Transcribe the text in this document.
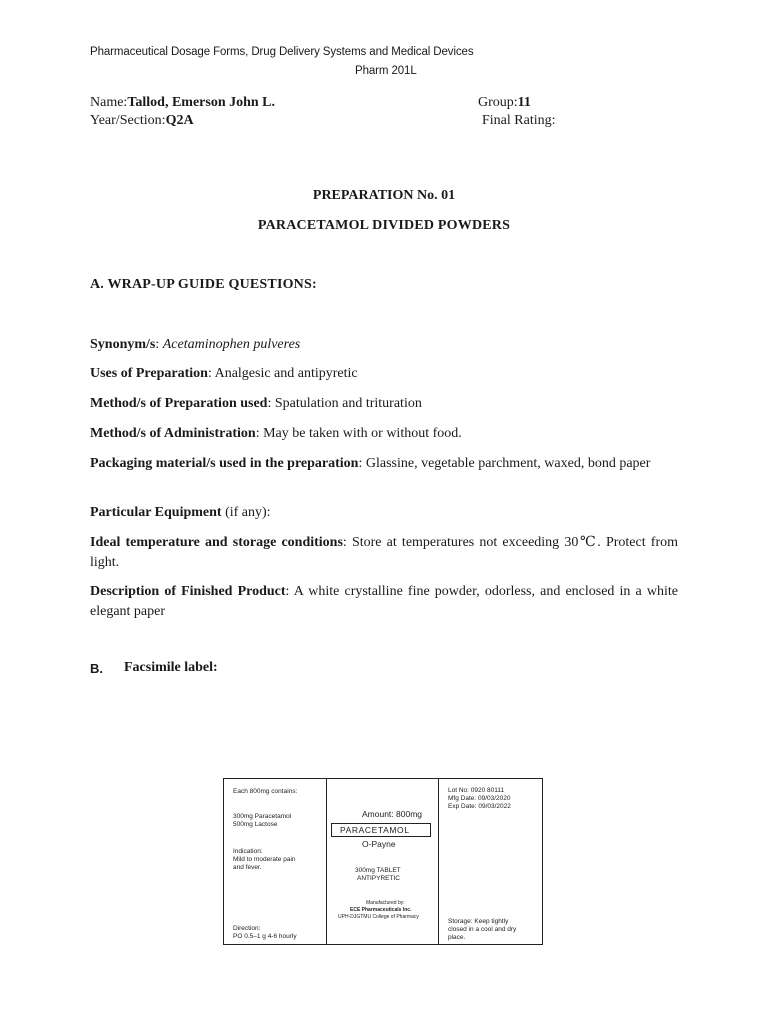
Pharmaceutical Dosage Forms, Drug Delivery Systems and Medical Devices
Pharm 201L
Name:Tallod, Emerson John L.	Group:11
Year/Section:Q2A	Final Rating:
PREPARATION No. 01
PARACETAMOL DIVIDED POWDERS
A. WRAP-UP GUIDE QUESTIONS:
Synonym/s: Acetaminophen pulveres
Uses of Preparation: Analgesic and antipyretic
Method/s of Preparation used: Spatulation and trituration
Method/s of Administration: May be taken with or without food.
Packaging material/s used in the preparation: Glassine, vegetable parchment, waxed, bond paper
Particular Equipment (if any):
Ideal temperature and storage conditions: Store at temperatures not exceeding 30℃. Protect from light.
Description of Finished Product: A white crystalline fine powder, odorless, and enclosed in a white elegant paper
B. Facsimile label:
Each 800mg contains:
300mg Paracetamol
500mg Lactose
Indication:
Mild to moderate pain
and fever.
Direction:
PO 0.5–1 g 4-6 hourly
Amount: 800mg
PARACETAMOL
O-Payne
300mg TABLET
ANTIPYRETIC
Manufactured by:
ECE Pharmaceuticals Inc.
UPH-DJGTMU College of Pharmacy
Lot No: 0920 80111
Mfg Date: 09/03/2020
Exp Date: 09/03/2022
Storage: Keep tightly
closed in a cool and dry
place.
